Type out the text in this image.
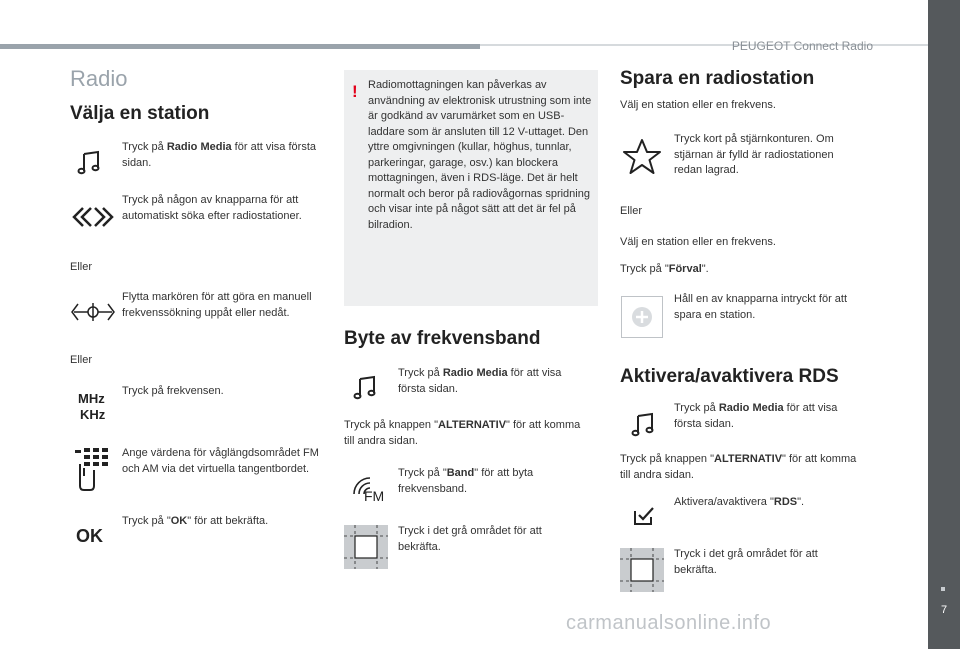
PEUGEOT Connect Radio
7
Radio
Välja en station
Tryck på Radio Media för att visa första sidan.
Tryck på någon av knapparna för att automatiskt söka efter radiostationer.
Eller
Flytta markören för att göra en manuell frekvenssökning uppåt eller nedåt.
Eller
MHz
KHz
Tryck på frekvensen.
Ange värdena för våglängdsområdet FM och AM via det virtuella tangentbordet.
OK
Tryck på "OK" för att bekräfta.
! Radiomottagningen kan påverkas av användning av elektronisk utrustning som inte är godkänd av varumärket som en USB-laddare som är ansluten till 12 V-uttaget. Den yttre omgivningen (kullar, höghus, tunnlar, parkeringar, garage, osv.) kan blockera mottagningen, även i RDS-läge. Det är helt normalt och beror på radiovågornas spridning och visar inte på något sätt att det är fel på bilradion.
Byte av frekvensband
Tryck på Radio Media för att visa första sidan.
Tryck på knappen "ALTERNATIV" för att komma till andra sidan.
FM
Tryck på "Band" för att byta frekvensband.
Tryck i det grå området för att bekräfta.
Spara en radiostation
Välj en station eller en frekvens.
Tryck kort på stjärnkonturen. Om stjärnan är fylld är radiostationen redan lagrad.
Eller
Välj en station eller en frekvens.
Tryck på "Förval".
Håll en av knapparna intryckt för att spara en station.
Aktivera/avaktivera RDS
Tryck på Radio Media för att visa första sidan.
Tryck på knappen "ALTERNATIV" för att komma till andra sidan.
Aktivera/avaktivera "RDS".
Tryck i det grå området för att bekräfta.
carmanualsonline.info
